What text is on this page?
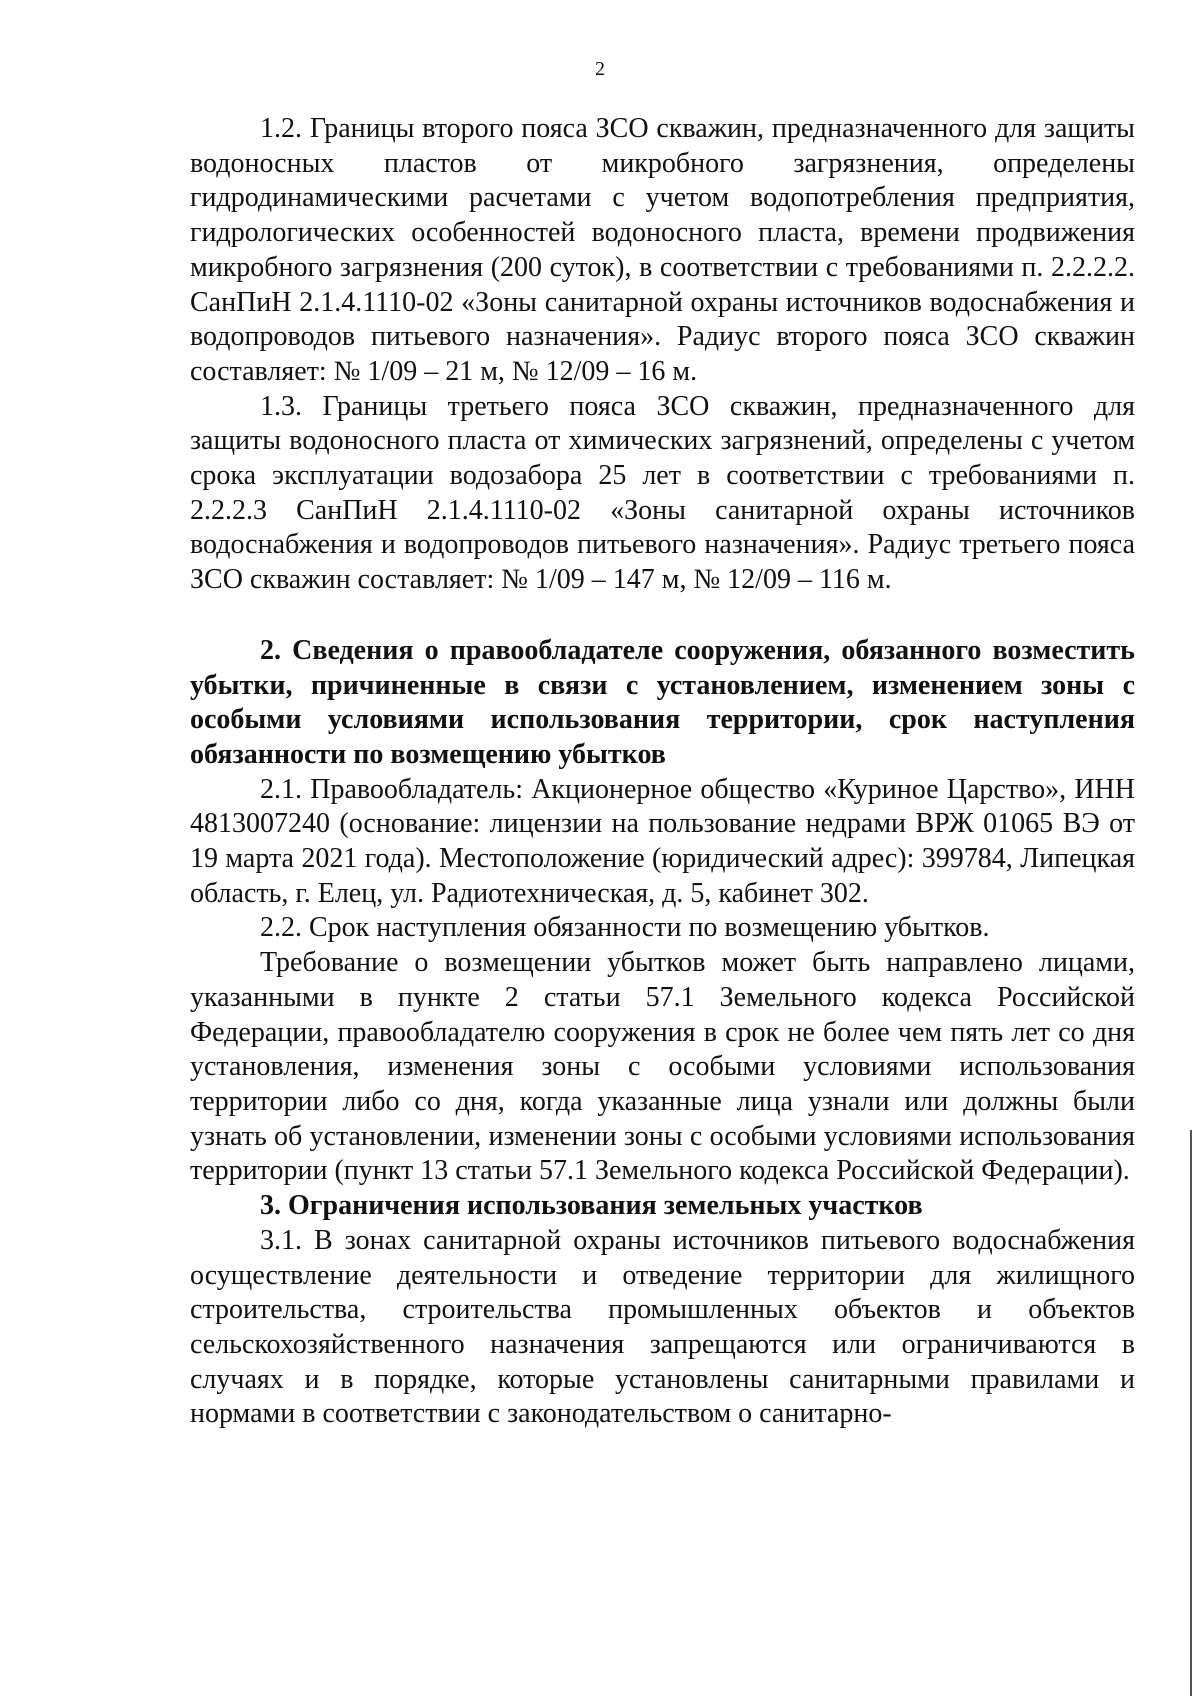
2

1.2. Границы второго пояса ЗСО скважин, предназначенного для защиты водоносных пластов от микробного загрязнения, определены гидродинамическими расчетами с учетом водопотребления предприятия, гидрологических особенностей водоносного пласта, времени продвижения микробного загрязнения (200 суток), в соответствии с требованиями п. 2.2.2.2. СанПиН 2.1.4.1110-02 «Зоны санитарной охраны источников водоснабжения и водопроводов питьевого назначения». Радиус второго пояса ЗСО скважин составляет: № 1/09 – 21 м, № 12/09 – 16 м.

1.3. Границы третьего пояса ЗСО скважин, предназначенного для защиты водоносного пласта от химических загрязнений, определены с учетом срока эксплуатации водозабора 25 лет в соответствии с требованиями п. 2.2.2.3 СанПиН 2.1.4.1110-02 «Зоны санитарной охраны источников водоснабжения и водопроводов питьевого назначения». Радиус третьего пояса ЗСО скважин составляет: № 1/09 – 147 м, № 12/09 – 116 м.

2. Сведения о правообладателе сооружения, обязанного возместить убытки, причиненные в связи с установлением, изменением зоны с особыми условиями использования территории, срок наступления обязанности по возмещению убытков

2.1. Правообладатель: Акционерное общество «Куриное Царство», ИНН 4813007240 (основание: лицензии на пользование недрами ВРЖ 01065 ВЭ от 19 марта 2021 года). Местоположение (юридический адрес): 399784, Липецкая область, г. Елец, ул. Радиотехническая, д. 5, кабинет 302.

2.2. Срок наступления обязанности по возмещению убытков.

Требование о возмещении убытков может быть направлено лицами, указанными в пункте 2 статьи 57.1 Земельного кодекса Российской Федерации, правообладателю сооружения в срок не более чем пять лет со дня установления, изменения зоны с особыми условиями использования территории либо со дня, когда указанные лица узнали или должны были узнать об установлении, изменении зоны с особыми условиями использования территории (пункт 13 статьи 57.1 Земельного кодекса Российской Федерации).

3. Ограничения использования земельных участков

3.1. В зонах санитарной охраны источников питьевого водоснабжения осуществление деятельности и отведение территории для жилищного строительства, строительства промышленных объектов и объектов сельскохозяйственного назначения запрещаются или ограничиваются в случаях и в порядке, которые установлены санитарными правилами и нормами в соответствии с законодательством о санитарно-
